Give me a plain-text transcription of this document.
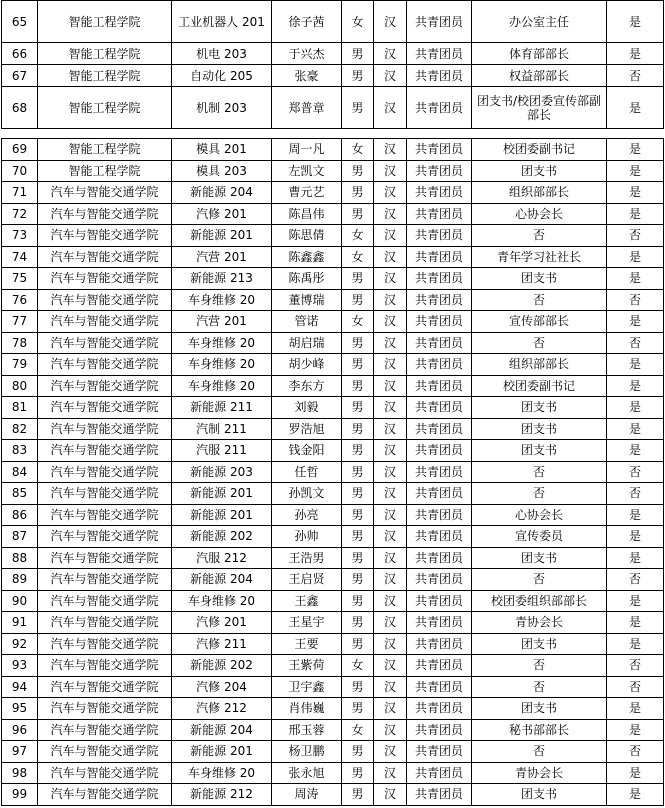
65	智能工程学院	工业机器人 201	徐子茜	女	汉	共青团员	办公室主任	是
66	智能工程学院	机电 203	于兴杰	男	汉	共青团员	体育部部长	是
67	智能工程学院	自动化 205	张豪	男	汉	共青团员	权益部部长	否
68	智能工程学院	机制 203	郑普章	男	汉	共青团员	团支书/校团委宣传部副部长	是
69	智能工程学院	模具 201	周一凡	女	汉	共青团员	校团委副书记	是
70	智能工程学院	模具 203	左凯文	男	汉	共青团员	团支书	是
71	汽车与智能交通学院	新能源 204	曹元艺	男	汉	共青团员	组织部部长	是
72	汽车与智能交通学院	汽修 201	陈昌伟	男	汉	共青团员	心协会长	是
73	汽车与智能交通学院	新能源 201	陈思倩	女	汉	共青团员	否	否
74	汽车与智能交通学院	汽营 201	陈鑫鑫	女	汉	共青团员	青年学习社社长	是
75	汽车与智能交通学院	新能源 213	陈禹彤	男	汉	共青团员	团支书	是
76	汽车与智能交通学院	车身维修 20	董博瑞	男	汉	共青团员	否	否
77	汽车与智能交通学院	汽营 201	管诺	女	汉	共青团员	宣传部部长	是
78	汽车与智能交通学院	车身维修 20	胡启瑞	男	汉	共青团员	否	否
79	汽车与智能交通学院	车身维修 20	胡少峰	男	汉	共青团员	组织部部长	是
80	汽车与智能交通学院	车身维修 20	李东方	男	汉	共青团员	校团委副书记	是
81	汽车与智能交通学院	新能源 211	刘毅	男	汉	共青团员	团支书	是
82	汽车与智能交通学院	汽制 211	罗浩旭	男	汉	共青团员	团支书	是
83	汽车与智能交通学院	汽服 211	钱金阳	男	汉	共青团员	团支书	是
84	汽车与智能交通学院	新能源 203	任哲	男	汉	共青团员	否	否
85	汽车与智能交通学院	新能源 201	孙凯文	男	汉	共青团员	否	否
86	汽车与智能交通学院	新能源 201	孙亮	男	汉	共青团员	心协会长	是
87	汽车与智能交通学院	新能源 202	孙帅	男	汉	共青团员	宣传委员	是
88	汽车与智能交通学院	汽服 212	王浩男	男	汉	共青团员	团支书	是
89	汽车与智能交通学院	新能源 204	王启贤	男	汉	共青团员	否	否
90	汽车与智能交通学院	车身维修 20	王鑫	男	汉	共青团员	校团委组织部部长	是
91	汽车与智能交通学院	汽修 201	王星宇	男	汉	共青团员	青协会长	是
92	汽车与智能交通学院	汽修 211	王要	男	汉	共青团员	团支书	是
93	汽车与智能交通学院	新能源 202	王紫荷	女	汉	共青团员	否	否
94	汽车与智能交通学院	汽修 204	卫宇鑫	男	汉	共青团员	否	否
95	汽车与智能交通学院	汽修 212	肖伟巍	男	汉	共青团员	团支书	是
96	汽车与智能交通学院	新能源 204	邢玉蓉	女	汉	共青团员	秘书部部长	是
97	汽车与智能交通学院	新能源 201	杨卫鹏	男	汉	共青团员	否	否
98	汽车与智能交通学院	车身维修 20	张永旭	男	汉	共青团员	青协会长	是
99	汽车与智能交通学院	新能源 212	周涛	男	汉	共青团员	团支书	是
